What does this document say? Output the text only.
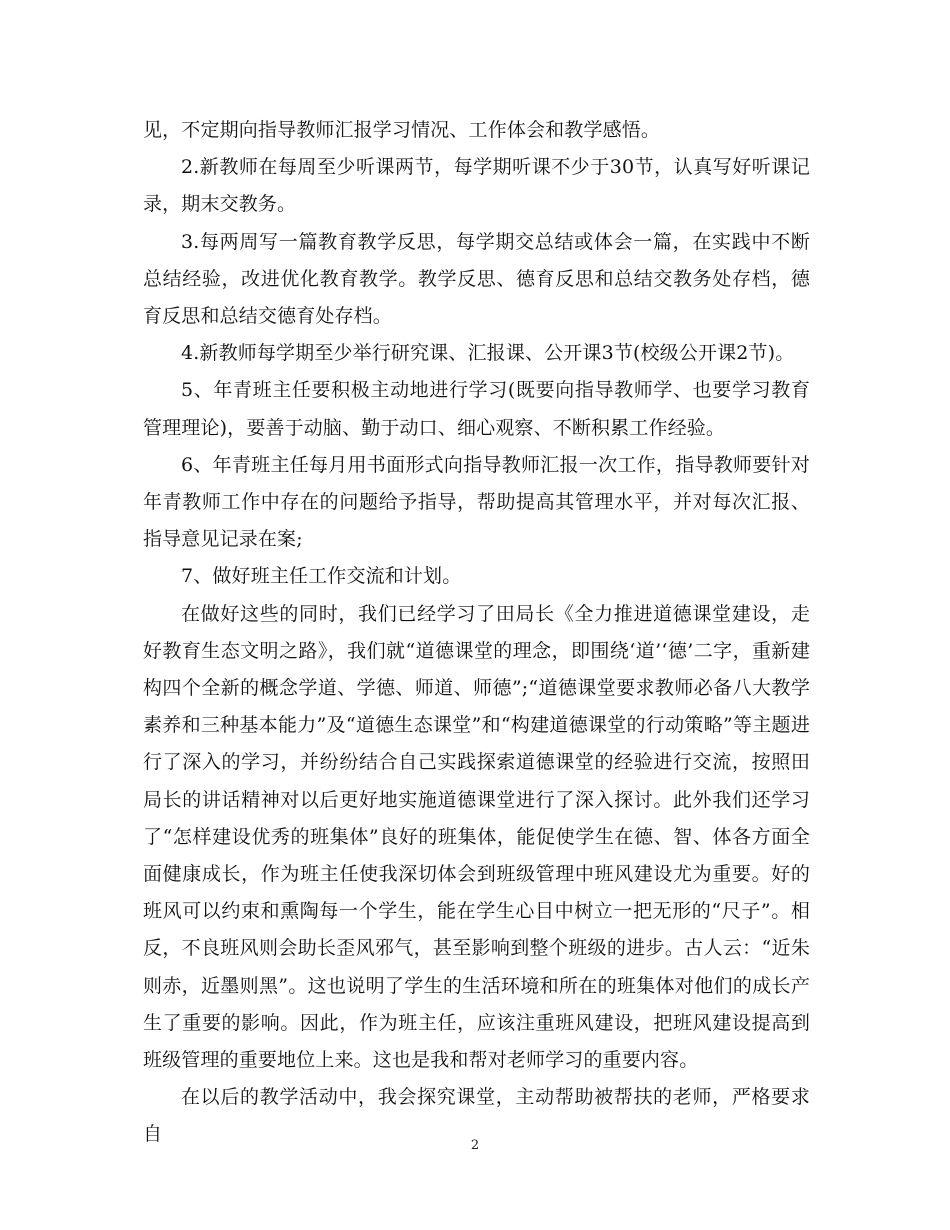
见，不定期向指导教师汇报学习情况、工作体会和教学感悟。

2.新教师在每周至少听课两节，每学期听课不少于30节，认真写好听课记录，期末交教务。

3.每两周写一篇教育教学反思，每学期交总结或体会一篇，在实践中不断总结经验，改进优化教育教学。教学反思、德育反思和总结交教务处存档，德育反思和总结交德育处存档。

4.新教师每学期至少举行研究课、汇报课、公开课3节(校级公开课2节)。

5、年青班主任要积极主动地进行学习(既要向指导教师学、也要学习教育管理理论)，要善于动脑、勤于动口、细心观察、不断积累工作经验。

6、年青班主任每月用书面形式向指导教师汇报一次工作，指导教师要针对年青教师工作中存在的问题给予指导，帮助提高其管理水平，并对每次汇报、指导意见记录在案;

7、做好班主任工作交流和计划。

在做好这些的同时，我们已经学习了田局长《全力推进道德课堂建设，走好教育生态文明之路》，我们就“道德课堂的理念，即围绕‘道’‘德’二字，重新建构四个全新的概念学道、学德、师道、师德”;“道德课堂要求教师必备八大教学素养和三种基本能力”及“道德生态课堂”和“构建道德课堂的行动策略”等主题进行了深入的学习，并纷纷结合自己实践探索道德课堂的经验进行交流，按照田局长的讲话精神对以后更好地实施道德课堂进行了深入探讨。此外我们还学习了“怎样建设优秀的班集体”良好的班集体，能促使学生在德、智、体各方面全面健康成长，作为班主任使我深切体会到班级管理中班风建设尤为重要。好的班风可以约束和熏陶每一个学生，能在学生心目中树立一把无形的“尺子”。相反，不良班风则会助长歪风邪气，甚至影响到整个班级的进步。古人云：“近朱则赤，近墨则黑”。这也说明了学生的生活环境和所在的班集体对他们的成长产生了重要的影响。因此，作为班主任，应该注重班风建设，把班风建设提高到班级管理的重要地位上来。这也是我和帮对老师学习的重要内容。

在以后的教学活动中，我会探究课堂，主动帮助被帮扶的老师，严格要求自

2
